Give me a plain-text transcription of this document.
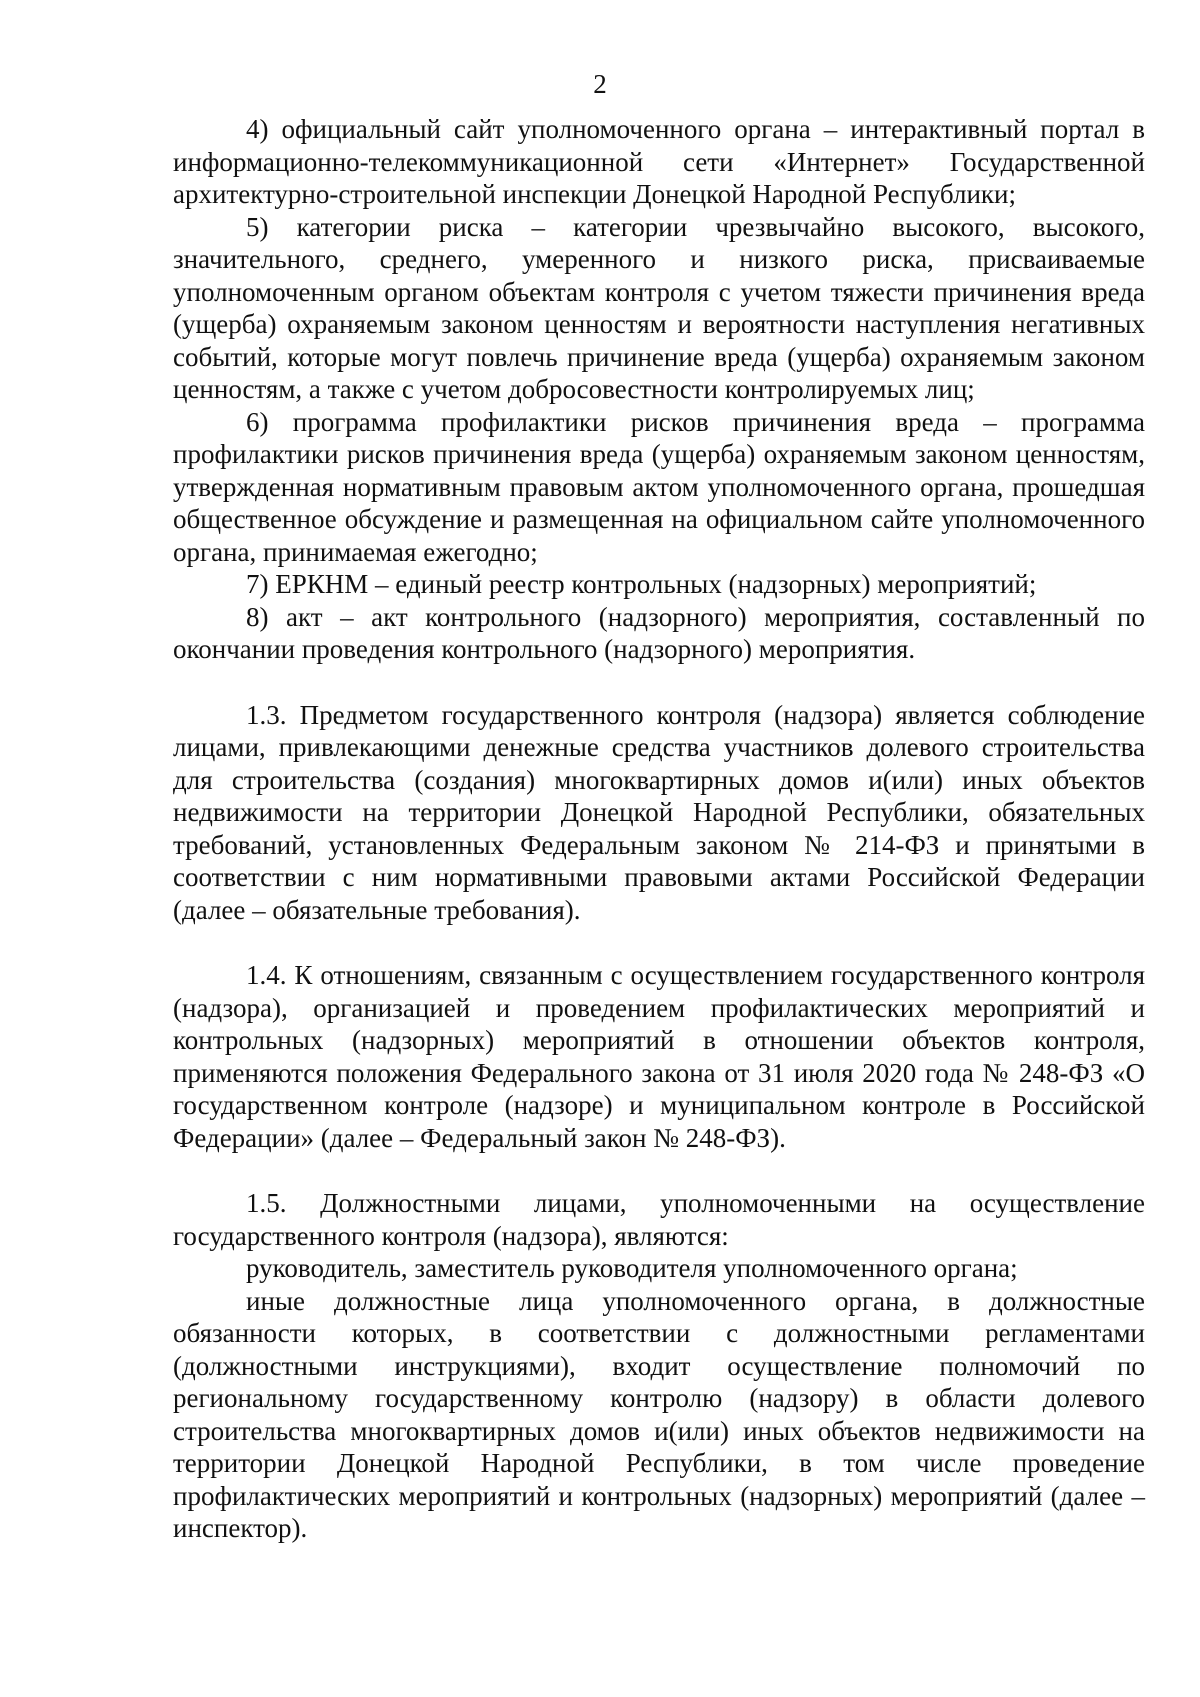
2

4) официальный сайт уполномоченного органа – интерактивный портал в информационно-телекоммуникационной сети «Интернет» Государственной архитектурно-строительной инспекции Донецкой Народной Республики;

5) категории риска – категории чрезвычайно высокого, высокого, значительного, среднего, умеренного и низкого риска, присваиваемые уполномоченным органом объектам контроля с учетом тяжести причинения вреда (ущерба) охраняемым законом ценностям и вероятности наступления негативных событий, которые могут повлечь причинение вреда (ущерба) охраняемым законом ценностям, а также с учетом добросовестности контролируемых лиц;

6) программа профилактики рисков причинения вреда – программа профилактики рисков причинения вреда (ущерба) охраняемым законом ценностям, утвержденная нормативным правовым актом уполномоченного органа, прошедшая общественное обсуждение и размещенная на официальном сайте уполномоченного органа, принимаемая ежегодно;

7) ЕРКНМ – единый реестр контрольных (надзорных) мероприятий;

8) акт – акт контрольного (надзорного) мероприятия, составленный по окончании проведения контрольного (надзорного) мероприятия.

1.3. Предметом государственного контроля (надзора) является соблюдение лицами, привлекающими денежные средства участников долевого строительства для строительства (создания) многоквартирных домов и(или) иных объектов недвижимости на территории Донецкой Народной Республики, обязательных требований, установленных Федеральным законом № 214-ФЗ и принятыми в соответствии с ним нормативными правовыми актами Российской Федерации (далее – обязательные требования).

1.4. К отношениям, связанным с осуществлением государственного контроля (надзора), организацией и проведением профилактических мероприятий и контрольных (надзорных) мероприятий в отношении объектов контроля, применяются положения Федерального закона от 31 июля 2020 года № 248-ФЗ «О государственном контроле (надзоре) и муниципальном контроле в Российской Федерации» (далее – Федеральный закон № 248-ФЗ).

1.5. Должностными лицами, уполномоченными на осуществление государственного контроля (надзора), являются:

руководитель, заместитель руководителя уполномоченного органа;

иные должностные лица уполномоченного органа, в должностные обязанности которых, в соответствии с должностными регламентами (должностными инструкциями), входит осуществление полномочий по региональному государственному контролю (надзору) в области долевого строительства многоквартирных домов и(или) иных объектов недвижимости на территории Донецкой Народной Республики, в том числе проведение профилактических мероприятий и контрольных (надзорных) мероприятий (далее – инспектор).
